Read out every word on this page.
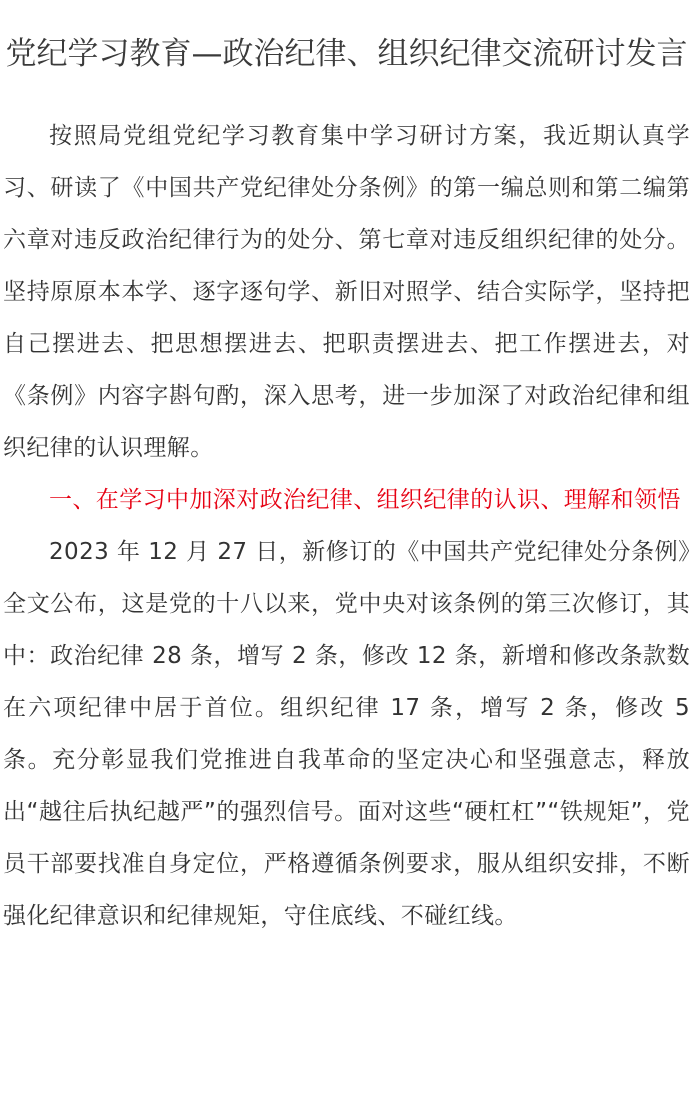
党纪学习教育—政治纪律、组织纪律交流研讨发言

按照局党组党纪学习教育集中学习研讨方案，我近期认真学习、研读了《中国共产党纪律处分条例》的第一编总则和第二编第六章对违反政治纪律行为的处分、第七章对违反组织纪律的处分。坚持原原本本学、逐字逐句学、新旧对照学、结合实际学，坚持把自己摆进去、把思想摆进去、把职责摆进去、把工作摆进去，对《条例》内容字斟句酌，深入思考，进一步加深了对政治纪律和组织纪律的认识理解。

一、在学习中加深对政治纪律、组织纪律的认识、理解和领悟

2023 年 12 月 27 日，新修订的《中国共产党纪律处分条例》全文公布，这是党的十八以来，党中央对该条例的第三次修订，其中：政治纪律 28 条，增写 2 条，修改 12 条，新增和修改条款数在六项纪律中居于首位。组织纪律 17 条，增写 2 条，修改 5 条。充分彰显我们党推进自我革命的坚定决心和坚强意志，释放出“越往后执纪越严”的强烈信号。面对这些“硬杠杠”“铁规矩”，党员干部要找准自身定位，严格遵循条例要求，服从组织安排，不断强化纪律意识和纪律规矩，守住底线、不碰红线。
